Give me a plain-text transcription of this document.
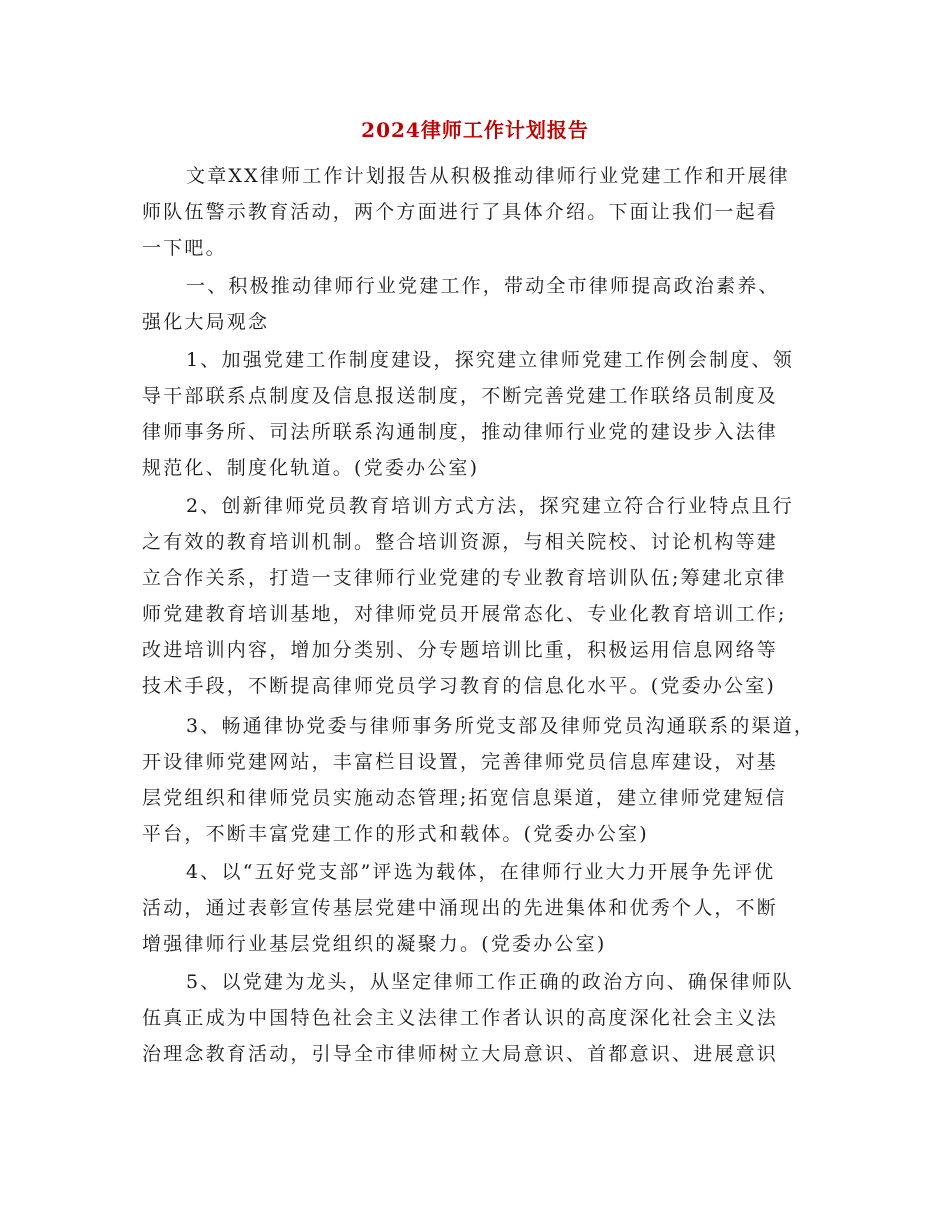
2024律师工作计划报告
文章XX律师工作计划报告从积极推动律师行业党建工作和开展律
师队伍警示教育活动，两个方面进行了具体介绍。下面让我们一起看
一下吧。
一、积极推动律师行业党建工作，带动全市律师提高政治素养、
强化大局观念
1、加强党建工作制度建设，探究建立律师党建工作例会制度、领
导干部联系点制度及信息报送制度，不断完善党建工作联络员制度及
律师事务所、司法所联系沟通制度，推动律师行业党的建设步入法律
规范化、制度化轨道。(党委办公室)
2、创新律师党员教育培训方式方法，探究建立符合行业特点且行
之有效的教育培训机制。整合培训资源，与相关院校、讨论机构等建
立合作关系，打造一支律师行业党建的专业教育培训队伍;筹建北京律
师党建教育培训基地，对律师党员开展常态化、专业化教育培训工作;
改进培训内容，增加分类别、分专题培训比重，积极运用信息网络等
技术手段，不断提高律师党员学习教育的信息化水平。(党委办公室)
3、畅通律协党委与律师事务所党支部及律师党员沟通联系的渠道，
开设律师党建网站，丰富栏目设置，完善律师党员信息库建设，对基
层党组织和律师党员实施动态管理;拓宽信息渠道，建立律师党建短信
平台，不断丰富党建工作的形式和载体。(党委办公室)
4、以“五好党支部”评选为载体，在律师行业大力开展争先评优
活动，通过表彰宣传基层党建中涌现出的先进集体和优秀个人，不断
增强律师行业基层党组织的凝聚力。(党委办公室)
5、以党建为龙头，从坚定律师工作正确的政治方向、确保律师队
伍真正成为中国特色社会主义法律工作者认识的高度深化社会主义法
治理念教育活动，引导全市律师树立大局意识、首都意识、进展意识
